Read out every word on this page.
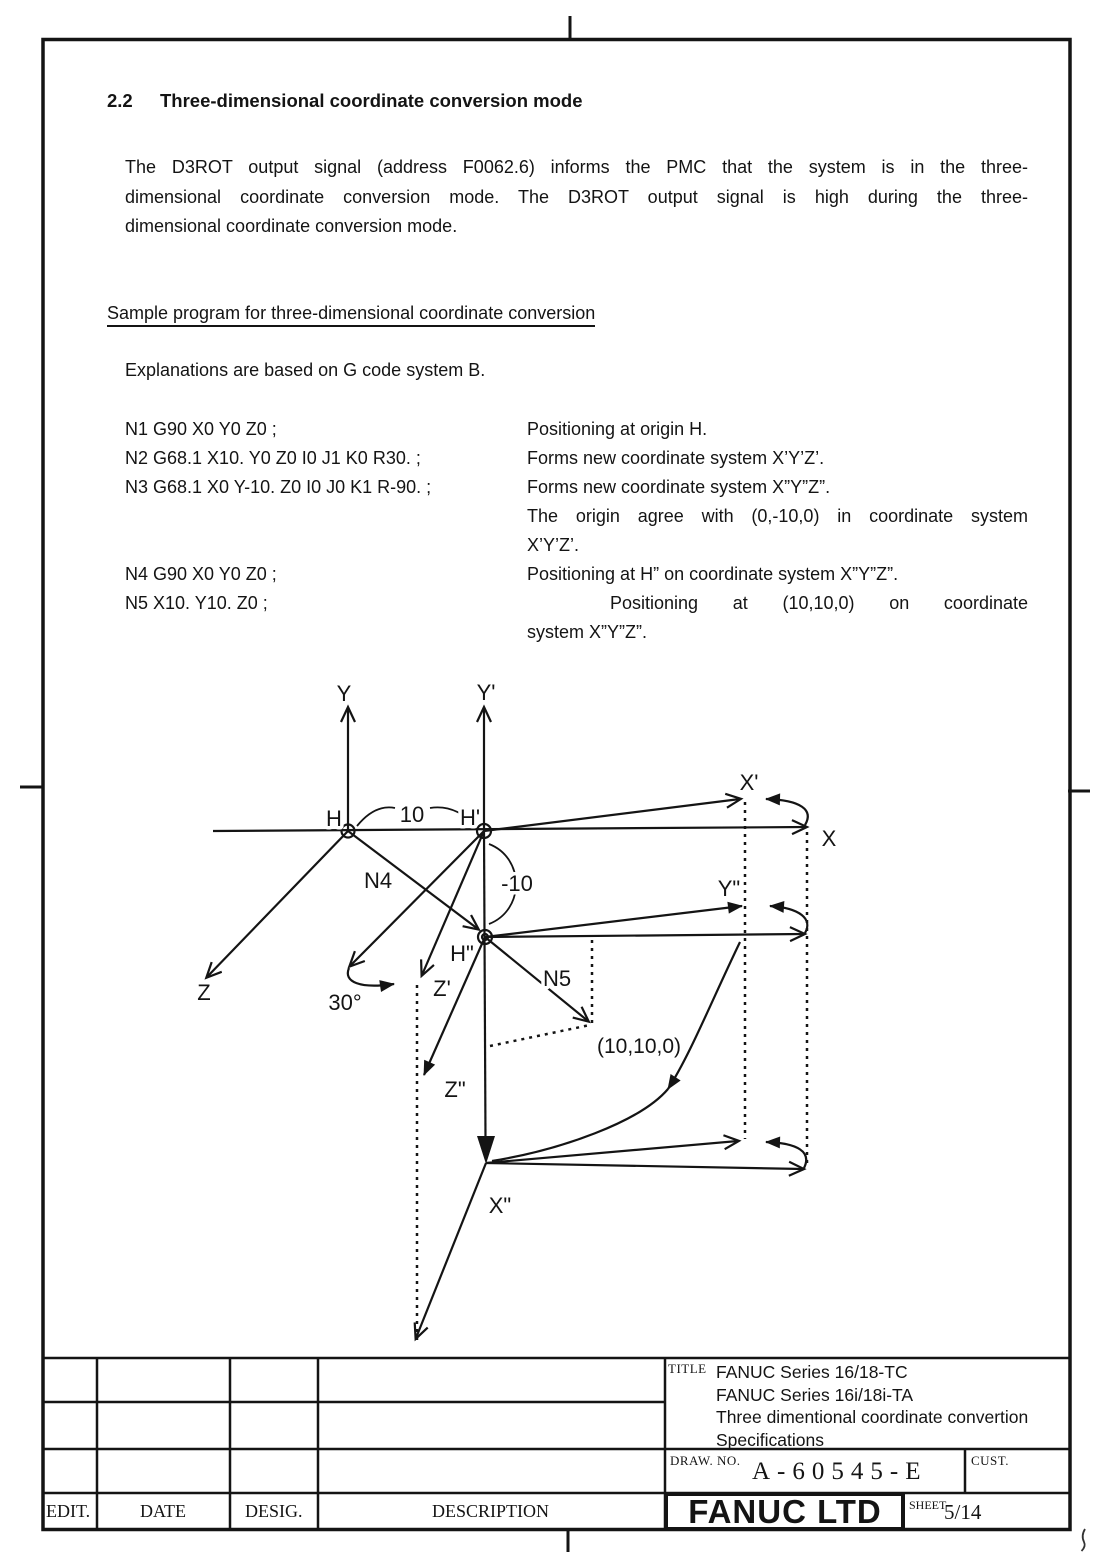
Y	Y'
X
X'
Y"
X"
Z	Z'
Z"
H	H'
H"
10
-10
N4
N5
30°
(10,10,0)
2.2	Three-dimensional coordinate conversion mode
The D3ROT output signal (address F0062.6) informs the PMC that the system is in the three-
dimensional coordinate conversion mode. The D3ROT output signal is high during the three-
dimensional coordinate conversion mode.
Sample program for three-dimensional coordinate conversion
Explanations are based on G code system B.
N1 G90 X0 Y0 Z0 ;	Positioning at origin H.
N2 G68.1 X10. Y0 Z0 I0 J1 K0 R30. ;	Forms new coordinate system X’Y’Z’.
N3 G68.1 X0 Y-10. Z0 I0 J0 K1 R-90. ;	Forms new coordinate system X”Y”Z”.
The origin agree with (0,-10,0) in coordinate system
X’Y’Z’.
N4 G90 X0 Y0 Z0 ;	Positioning at H” on coordinate system X”Y”Z”.
N5 X10. Y10. Z0 ;	Positioning at (10,10,0) on coordinate
system X”Y”Z”.
TITLE FANUC Series 16/18-TC
FANUC Series 16i/18i-TA
Three dimentional coordinate convertion
Specifications
DRAW. NO. A-60545-E	CUST.
FANUC LTD	SHEET
5/14
EDIT.	DATE	DESIG.	DESCRIPTION
